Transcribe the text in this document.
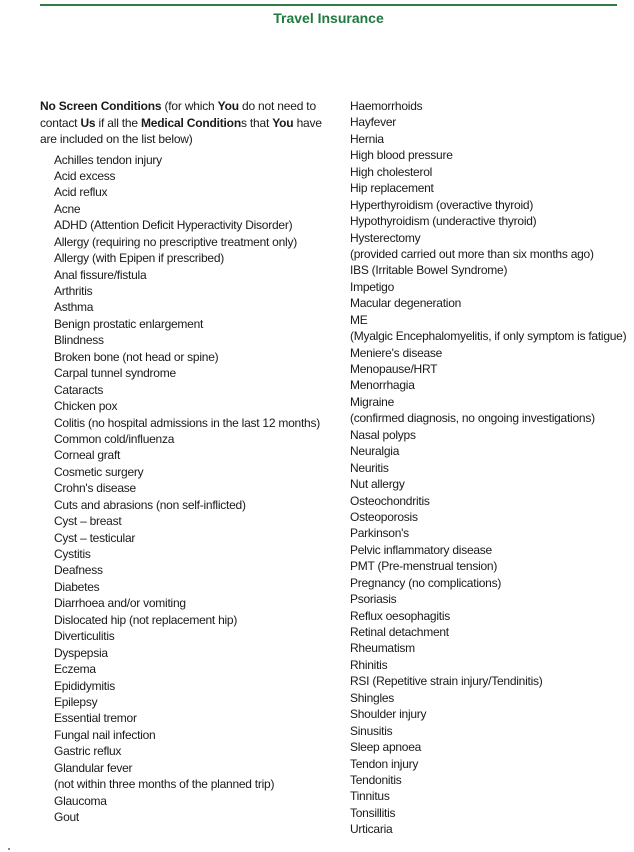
Travel Insurance

No Screen Conditions (for which You do not need to contact Us if all the Medical Conditions that You have are included on the list below)

Achilles tendon injury
Acid excess
Acid reflux
Acne
ADHD (Attention Deficit Hyperactivity Disorder)
Allergy (requiring no prescriptive treatment only)
Allergy (with Epipen if prescribed)
Anal fissure/fistula
Arthritis
Asthma
Benign prostatic enlargement
Blindness
Broken bone (not head or spine)
Carpal tunnel syndrome
Cataracts
Chicken pox
Colitis (no hospital admissions in the last 12 months)
Common cold/influenza
Corneal graft
Cosmetic surgery
Crohn's disease
Cuts and abrasions (non self-inflicted)
Cyst – breast
Cyst – testicular
Cystitis
Deafness
Diabetes
Diarrhoea and/or vomiting
Dislocated hip (not replacement hip)
Diverticulitis
Dyspepsia
Eczema
Epididymitis
Epilepsy
Essential tremor
Fungal nail infection
Gastric reflux
Glandular fever
(not within three months of the planned trip)
Glaucoma
Gout
Haemorrhoids
Hayfever
Hernia
High blood pressure
High cholesterol
Hip replacement
Hyperthyroidism (overactive thyroid)
Hypothyroidism (underactive thyroid)
Hysterectomy
(provided carried out more than six months ago)
IBS (Irritable Bowel Syndrome)
Impetigo
Macular degeneration
ME
(Myalgic Encephalomyelitis, if only symptom is fatigue)
Meniere's disease
Menopause/HRT
Menorrhagia
Migraine
(confirmed diagnosis, no ongoing investigations)
Nasal polyps
Neuralgia
Neuritis
Nut allergy
Osteochondritis
Osteoporosis
Parkinson's
Pelvic inflammatory disease
PMT (Pre-menstrual tension)
Pregnancy (no complications)
Psoriasis
Reflux oesophagitis
Retinal detachment
Rheumatism
Rhinitis
RSI (Repetitive strain injury/Tendinitis)
Shingles
Shoulder injury
Sinusitis
Sleep apnoea
Tendon injury
Tendonitis
Tinnitus
Tonsillitis
Urticaria
